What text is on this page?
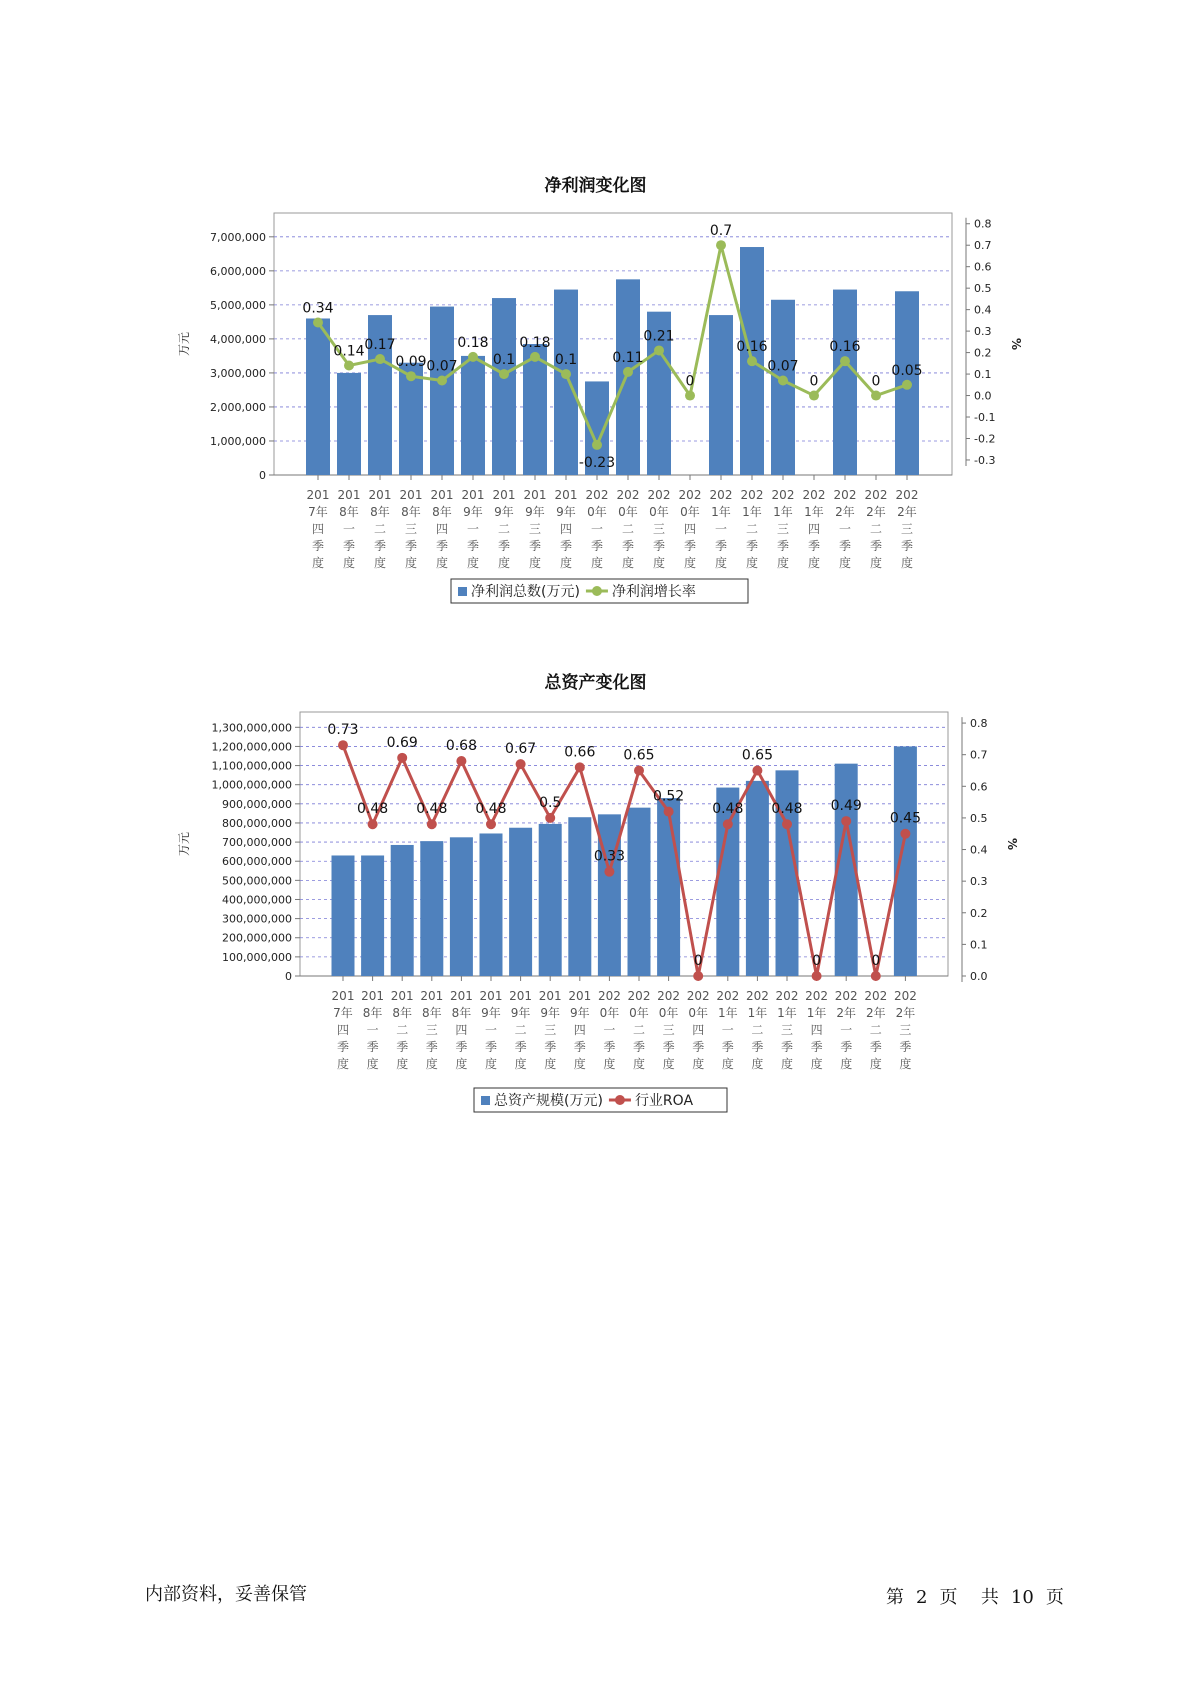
净利润变化图
0
1,000,000
2,000,000
3,000,000
4,000,000
5,000,000
6,000,000
7,000,000
-0.3
-0.2
-0.1
0.0
0.1
0.2
0.3
0.4
0.5
0.6
0.7
0.8
万元	%
201
7年
四
季
度
201
8年
一
季
度
201
8年
二
季
度
201
8年
三
季
度
201
8年
四
季
度
201
9年
一
季
度
201
9年
二
季
度
201
9年
三
季
度
201
9年
四
季
度
202
0年
一
季
度
202
0年
二
季
度
202
0年
三
季
度
202
0年
四
季
度
202
1年
一
季
度
202
1年
二
季
度
202
1年
三
季
度
202
1年
四
季
度
202
2年
一
季
度
202
2年
二
季
度
202
2年
三
季
度
0.34
0.14 0.17
0.09 0.07
0.18
0.1
0.18
0.1
-0.23
0.11
0.21
0
0.7
0.16
0.07
0
0.16
0
0.05
净利润总数(万元) 净利润增长率
总资产变化图
0
100,000,000
200,000,000
300,000,000
400,000,000
500,000,000
600,000,000
700,000,000
800,000,000
900,000,000
1,000,000,000
1,100,000,000
1,200,000,000
1,300,000,000
0.0
0.1
0.2
0.3
0.4
0.5
0.6
0.7
0.8
万元	%
201
7年
四
季
度
201
8年
一
季
度
201
8年
二
季
度
201
8年
三
季
度
201
8年
四
季
度
201
9年
一
季
度
201
9年
二
季
度
201
9年
三
季
度
201
9年
四
季
度
202
0年
一
季
度
202
0年
二
季
度
202
0年
三
季
度
202
0年
四
季
度
202
1年
一
季
度
202
1年
二
季
度
202
1年
三
季
度
202
1年
四
季
度
202
2年
一
季
度
202
2年
二
季
度
202
2年
三
季
度
0.73
0.48
0.69
0.48
0.68
0.48
0.67
0.5
0.66
0.33
0.65
0.52
0
0.48
0.65
0.48
0
0.49
0
0.45
总资产规模(万元) 行业ROA
内部资料，妥善保管	第 2 页 共 10 页
